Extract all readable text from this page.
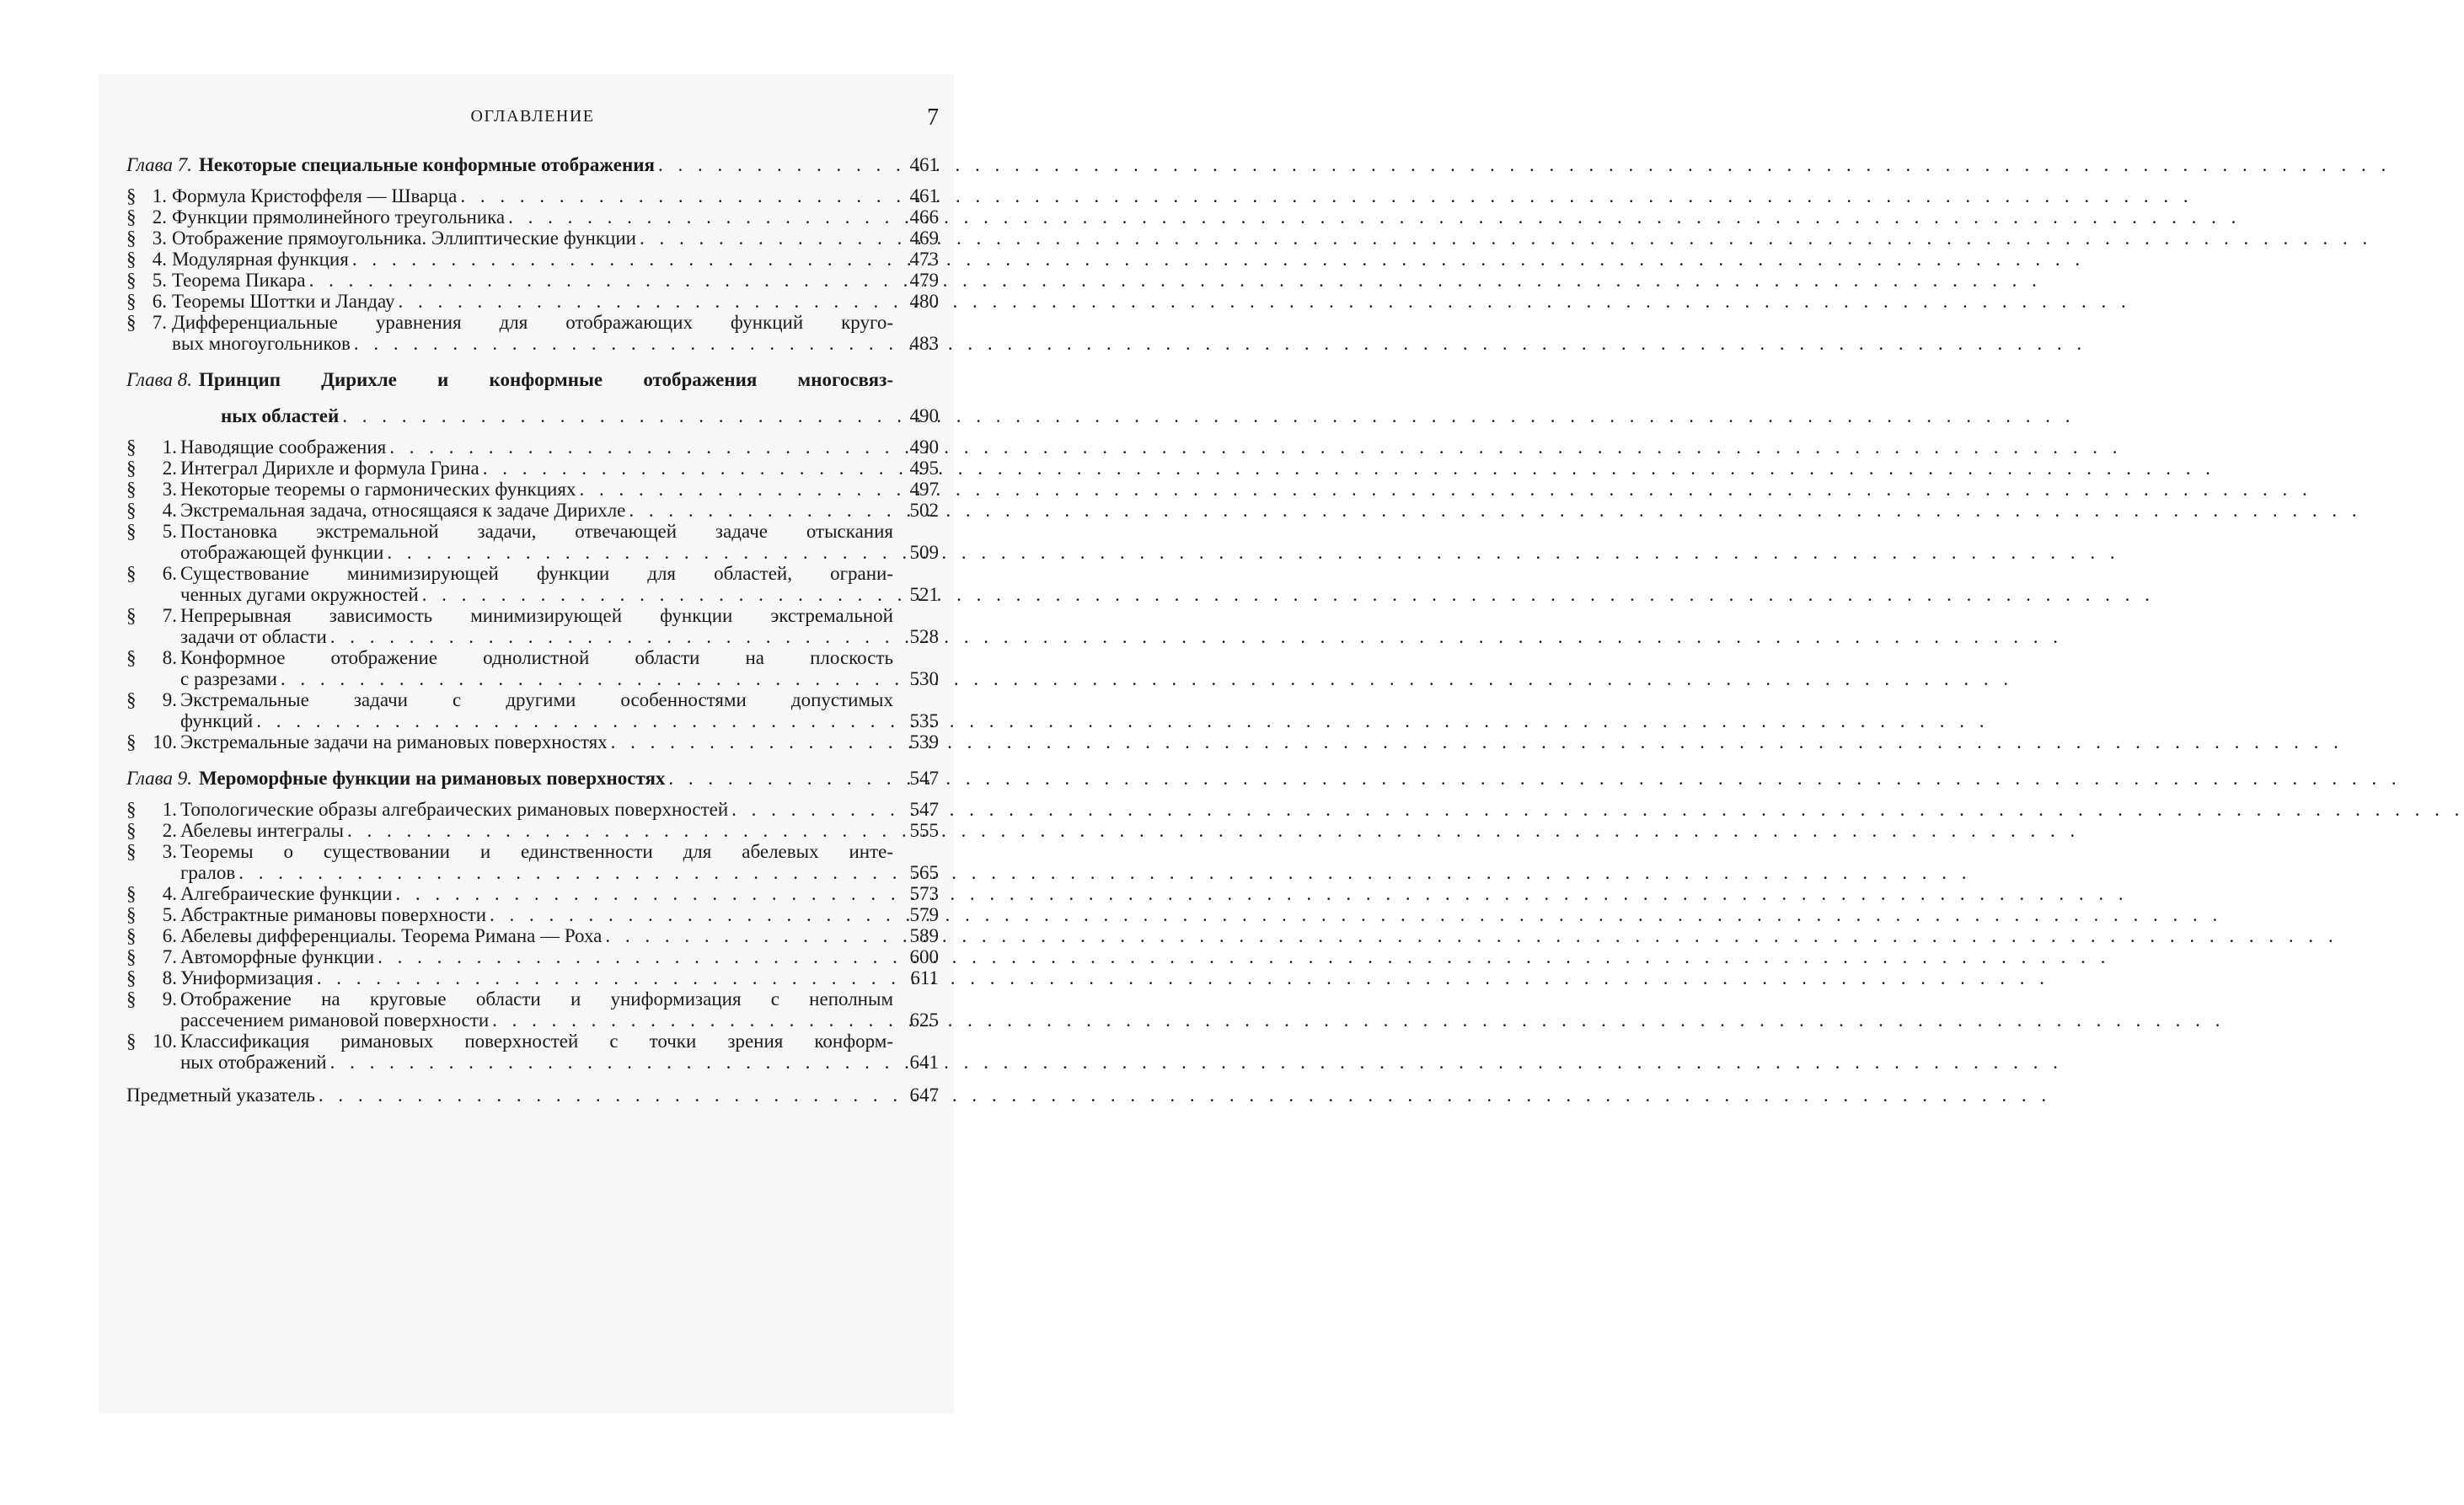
ОГЛАВЛЕНИЕ	7
Глава 7. Некоторые специальные конформные отображения . . .	461
§ 1. Формула Кристоффеля — Шварца . . .	461
§ 2. Функции прямолинейного треугольника . . .	466
§ 3. Отображение прямоугольника. Эллиптические функции . . .	469
§ 4. Модулярная функция . . .	473
§ 5. Теорема Пикара . . .	479
§ 6. Теоремы Шоттки и Ландау . . .	480
§ 7. Дифференциальные уравнения для отображающих функций круго-
вых многоугольников . . .	483
Глава 8. Принцип Дирихле и конформные отображения многосвяз-
ных областей . . .	490
§	1. Наводящие соображения . . .	490
§	2. Интеграл Дирихле и формула Грина . . .	495
§	3. Некоторые теоремы о гармонических функциях . . .	497
§	4. Экстремальная задача, относящаяся к задаче Дирихле . . .	502
§	5. Постановка экстремальной задачи, отвечающей задаче отыскания
отображающей функции . . .	509
§	6. Существование минимизирующей функции для областей, ограни-
ченных дугами окружностей . . .	521
§	7. Непрерывная зависимость минимизирующей функции экстремальной
задачи от области . . .	528
§	8. Конформное отображение однолистной области на плоскость
с разрезами . . .	530
§	9. Экстремальные задачи с другими особенностями допустимых
функций . . .	535
§ 10. Экстремальные задачи на римановых поверхностях . . .	539
Глава 9. Мероморфные функции на римановых поверхностях . . .	547
§	1. Топологические образы алгебраических римановых поверхностей . . .	547
§	2. Абелевы интегралы . . .	555
§	3. Теоремы о существовании и единственности для абелевых инте-
гралов . . .	565
§	4. Алгебраические функции . . .	573
§	5. Абстрактные римановы поверхности . . .	579
§	6. Абелевы дифференциалы. Теорема Римана — Роха . . .	589
§	7. Автоморфные функции . . .	600
§	8. Униформизация . . .	611
§	9. Отображение на круговые области и униформизация с неполным
рассечением римановой поверхности . . .	625
§ 10. Классификация римановых поверхностей с точки зрения конформ-
ных отображений . . .	641
Предметный указатель . . .	647
